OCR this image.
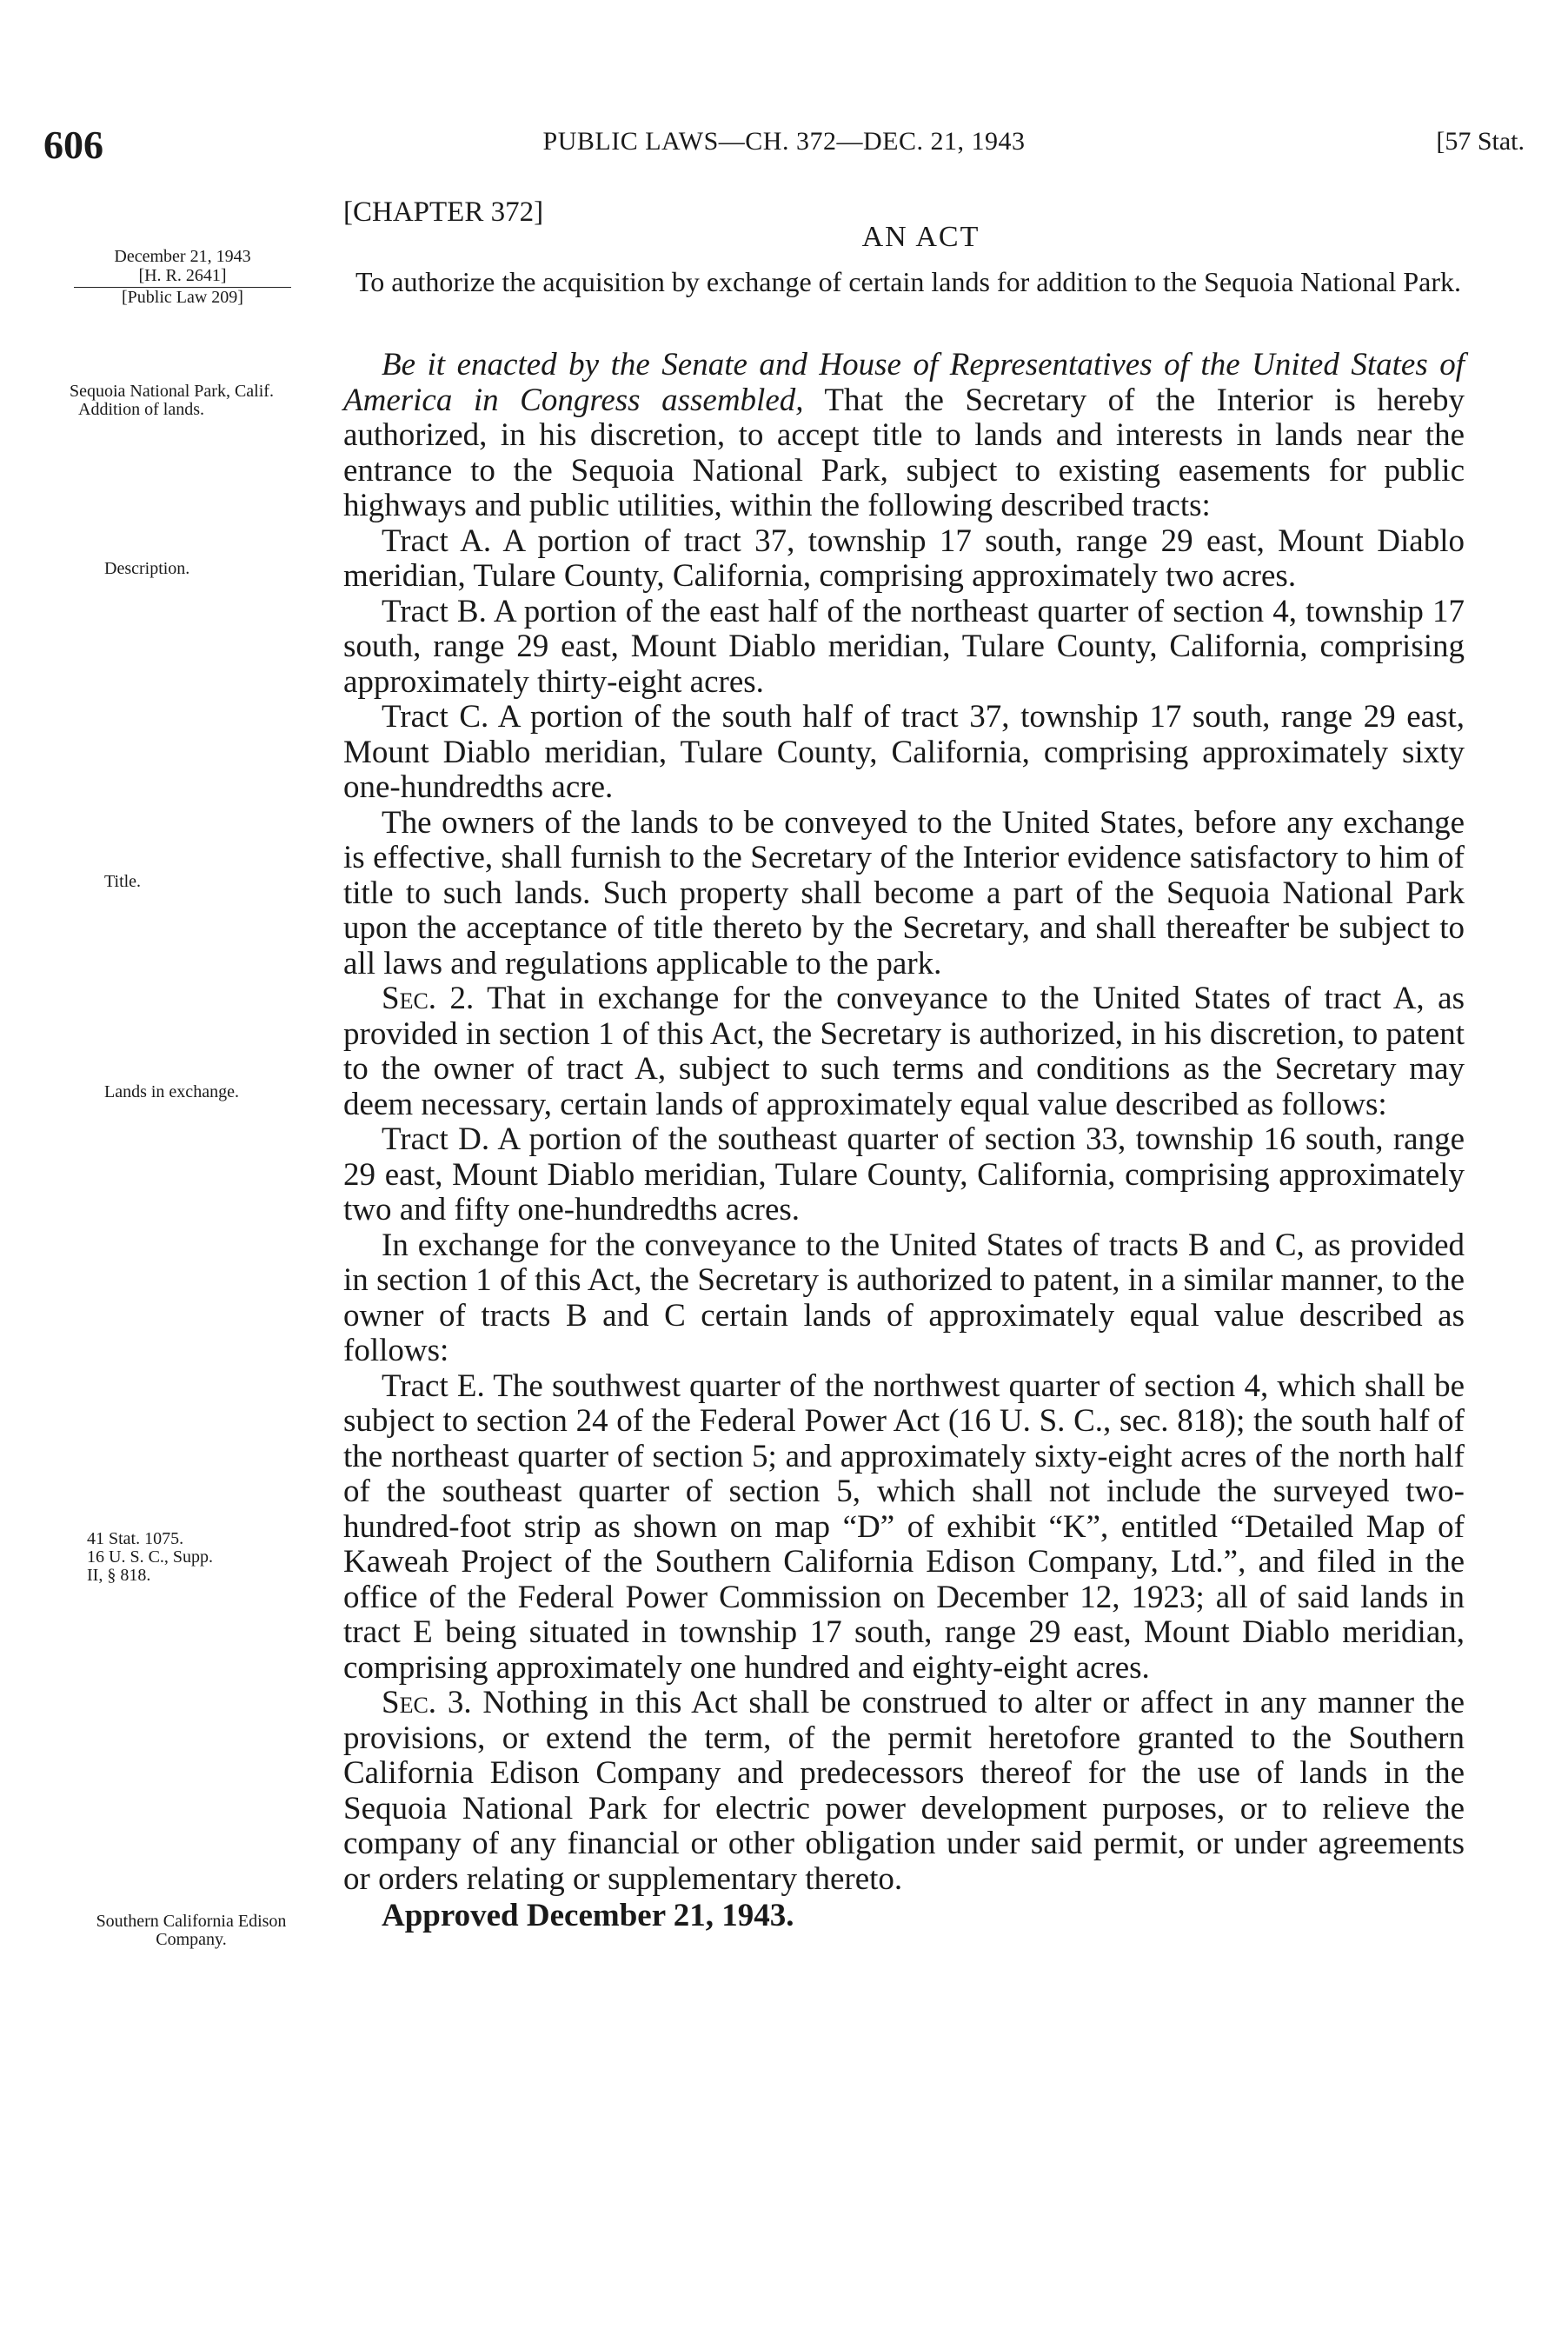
606	PUBLIC LAWS—CH. 372—DEC. 21, 1943	[57 Stat.
[CHAPTER 372]
AN ACT
To authorize the acquisition by exchange of certain lands for addition to the Sequoia National Park.
December 21, 1943
[H. R. 2641]
[Public Law 209]
Sequoia National Park, Calif.
Addition of lands.
Description.
Title.
Lands in exchange.
41 Stat. 1075.
16 U. S. C., Supp. II, § 818.
Southern California Edison Company.

Be it enacted by the Senate and House of Representatives of the United States of America in Congress assembled, That the Secretary of the Interior is hereby authorized, in his discretion, to accept title to lands and interests in lands near the entrance to the Sequoia National Park, subject to existing easements for public highways and public utilities, within the following described tracts:

Tract A. A portion of tract 37, township 17 south, range 29 east, Mount Diablo meridian, Tulare County, California, comprising approximately two acres.

Tract B. A portion of the east half of the northeast quarter of section 4, township 17 south, range 29 east, Mount Diablo meridian, Tulare County, California, comprising approximately thirty-eight acres.

Tract C. A portion of the south half of tract 37, township 17 south, range 29 east, Mount Diablo meridian, Tulare County, California, comprising approximately sixty one-hundredths acre.

The owners of the lands to be conveyed to the United States, before any exchange is effective, shall furnish to the Secretary of the Interior evidence satisfactory to him of title to such lands. Such property shall become a part of the Sequoia National Park upon the acceptance of title thereto by the Secretary, and shall thereafter be subject to all laws and regulations applicable to the park.

Sec. 2. That in exchange for the conveyance to the United States of tract A, as provided in section 1 of this Act, the Secretary is authorized, in his discretion, to patent to the owner of tract A, subject to such terms and conditions as the Secretary may deem necessary, certain lands of approximately equal value described as follows:

Tract D. A portion of the southeast quarter of section 33, township 16 south, range 29 east, Mount Diablo meridian, Tulare County, California, comprising approximately two and fifty one-hundredths acres.

In exchange for the conveyance to the United States of tracts B and C, as provided in section 1 of this Act, the Secretary is authorized to patent, in a similar manner, to the owner of tracts B and C certain lands of approximately equal value described as follows:

Tract E. The southwest quarter of the northwest quarter of section 4, which shall be subject to section 24 of the Federal Power Act (16 U. S. C., sec. 818); the south half of the northeast quarter of section 5; and approximately sixty-eight acres of the north half of the southeast quarter of section 5, which shall not include the surveyed two-hundred-foot strip as shown on map “D” of exhibit “K”, entitled “Detailed Map of Kaweah Project of the Southern California Edison Company, Ltd.”, and filed in the office of the Federal Power Commission on December 12, 1923; all of said lands in tract E being situated in township 17 south, range 29 east, Mount Diablo meridian, comprising approximately one hundred and eighty-eight acres.

Sec. 3. Nothing in this Act shall be construed to alter or affect in any manner the provisions, or extend the term, of the permit heretofore granted to the Southern California Edison Company and predecessors thereof for the use of lands in the Sequoia National Park for electric power development purposes, or to relieve the company of any financial or other obligation under said permit, or under agreements or orders relating or supplementary thereto.

Approved December 21, 1943.
